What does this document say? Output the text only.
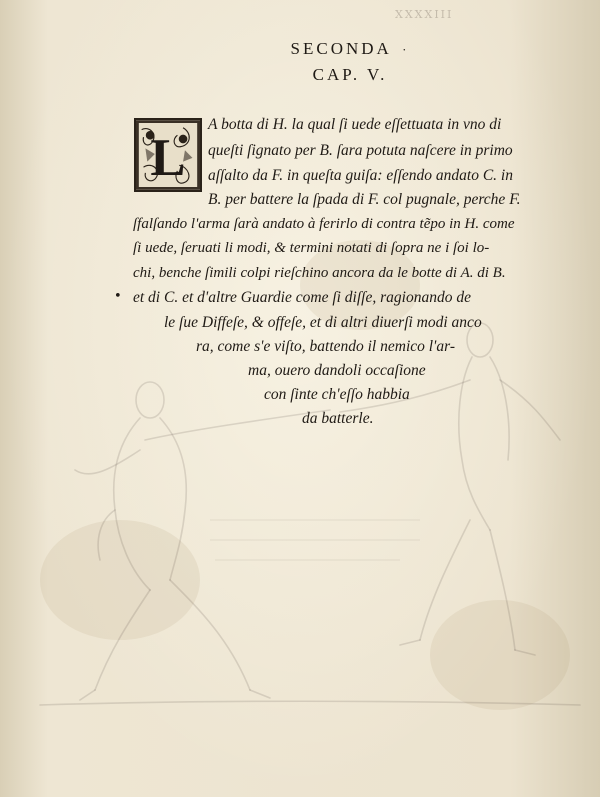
XXXXIII
SECONDA ·
CAP. V.
L
A botta di H. la qual ſi uede eſſettuata in vno di
queſti ſignato per B. ſara potuta naſcere in primo
aſſalto da F. in queſta guiſa: eſſendo andato C. in
B. per battere la ſpada di F. col pugnale, perche F.
ſfalſando l'arma ſarà andato à ferirlo di contra tẽpo in H. come
ſi uede, ſeruati li modi, & termini notati di ſopra ne i ſoi lo-
chi, benche ſimili colpi rieſchino ancora da le botte di A. di B.
et di C. et d'altre Guardie come ſi diſſe, ragionando de
le ſue Diffeſe, & offeſe, et di altri diuerſi modi anco
ra, come s'e viſto, battendo il nemico l'ar-
ma, ouero dandoli occaſione
con ſinte ch'eſſo habbia
da batterle.
•
